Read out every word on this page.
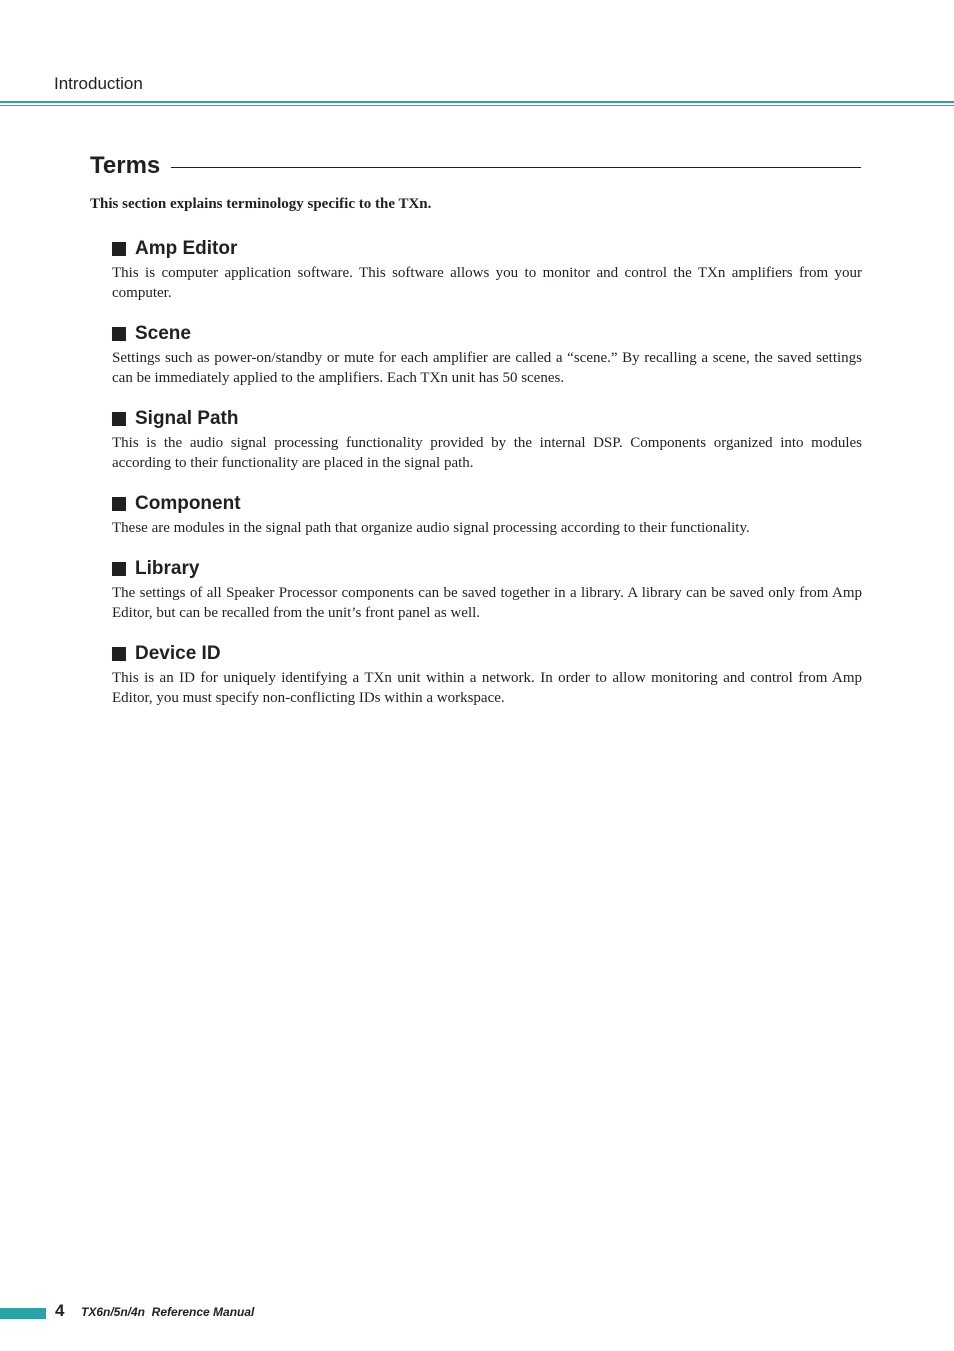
Introduction
Terms
This section explains terminology specific to the TXn.
Amp Editor
This is computer application software. This software allows you to monitor and control the TXn amplifiers from your computer.
Scene
Settings such as power-on/standby or mute for each amplifier are called a “scene.” By recalling a scene, the saved settings can be immediately applied to the amplifiers. Each TXn unit has 50 scenes.
Signal Path
This is the audio signal processing functionality provided by the internal DSP. Components organized into modules according to their functionality are placed in the signal path.
Component
These are modules in the signal path that organize audio signal processing according to their functionality.
Library
The settings of all Speaker Processor components can be saved together in a library. A library can be saved only from Amp Editor, but can be recalled from the unit’s front panel as well.
Device ID
This is an ID for uniquely identifying a TXn unit within a network. In order to allow monitoring and control from Amp Editor, you must specify non-conflicting IDs within a workspace.
4 TX6n/5n/4n  Reference Manual
